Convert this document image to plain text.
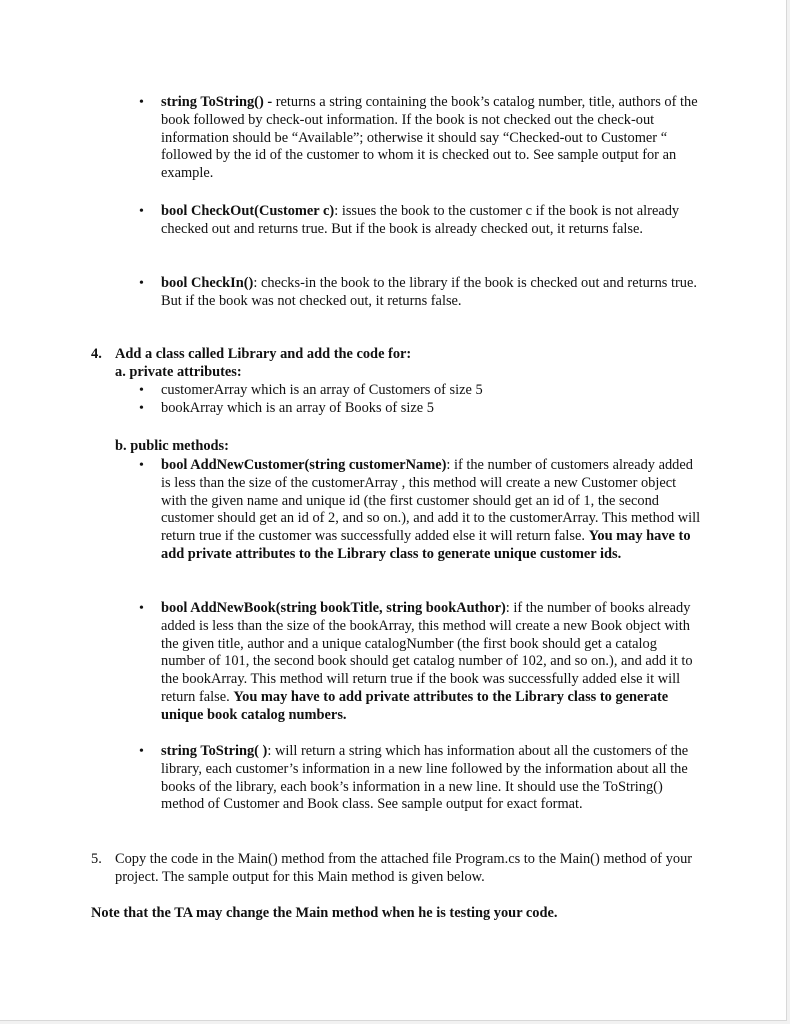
• string ToString() - returns a string containing the book’s catalog number, title, authors of the book followed by check-out information. If the book is not checked out the check-out information should be “Available”; otherwise it should say “Checked-out to Customer “ followed by the id of the customer to whom it is checked out to. See sample output for an example.
• bool CheckOut(Customer c): issues the book to the customer c if the book is not already checked out and returns true. But if the book is already checked out, it returns false.
• bool CheckIn(): checks-in the book to the library if the book is checked out and returns true. But if the book was not checked out, it returns false.
4. Add a class called Library and add the code for:
a. private attributes:
• customerArray which is an array of Customers of size 5
• bookArray which is an array of Books of size 5
b. public methods:
• bool AddNewCustomer(string customerName): if the number of customers already added is less than the size of the customerArray , this method will create a new Customer object with the given name and unique id (the first customer should get an id of 1, the second customer should get an id of 2, and so on.), and add it to the customerArray. This method will return true if the customer was successfully added else it will return false. You may have to add private attributes to the Library class to generate unique customer ids.
• bool AddNewBook(string bookTitle, string bookAuthor): if the number of books already added is less than the size of the bookArray, this method will create a new Book object with the given title, author and a unique catalogNumber (the first book should get a catalog number of 101, the second book should get catalog number of 102, and so on.), and add it to the bookArray. This method will return true if the book was successfully added else it will return false. You may have to add private attributes to the Library class to generate unique book catalog numbers.
• string ToString( ): will return a string which has information about all the customers of the library, each customer’s information in a new line followed by the information about all the books of the library, each book’s information in a new line. It should use the ToString() method of Customer and Book class. See sample output for exact format.
5. Copy the code in the Main() method from the attached file Program.cs to the Main() method of your project. The sample output for this Main method is given below.
Note that the TA may change the Main method when he is testing your code.
